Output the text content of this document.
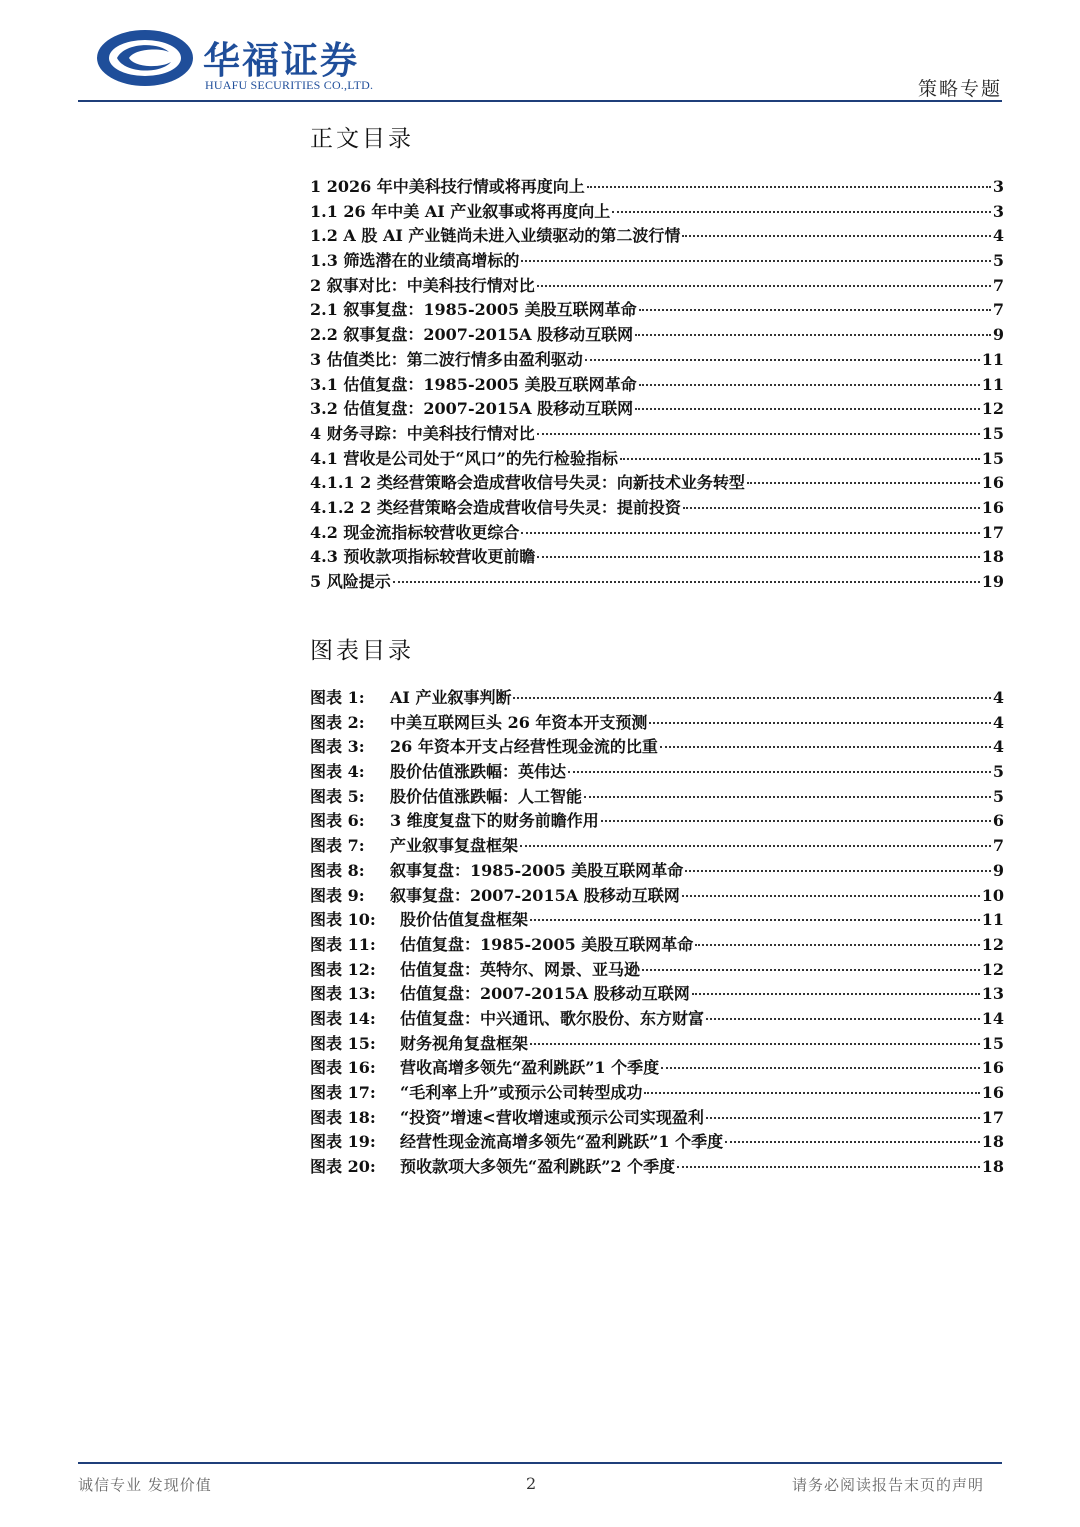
华福证券
HUAFU SECURITIES CO.,LTD.	策略专题
正文目录
1 2026 年中美科技行情或将再度向上	3
1.1 26 年中美 AI 产业叙事或将再度向上	3
1.2 A 股 AI 产业链尚未进入业绩驱动的第二波行情	4
1.3 筛选潜在的业绩高增标的	5
2 叙事对比：中美科技行情对比	7
2.1 叙事复盘：1985-2005 美股互联网革命	7
2.2 叙事复盘：2007-2015A 股移动互联网	9
3 估值类比：第二波行情多由盈利驱动	11
3.1 估值复盘：1985-2005 美股互联网革命	11
3.2 估值复盘：2007-2015A 股移动互联网	12
4 财务寻踪：中美科技行情对比	15
4.1 营收是公司处于“风口”的先行检验指标	15
4.1.1 2 类经营策略会造成营收信号失灵：向新技术业务转型	16
4.1.2 2 类经营策略会造成营收信号失灵：提前投资	16
4.2 现金流指标较营收更综合	17
4.3 预收款项指标较营收更前瞻	18
5 风险提示	19
图表目录
图表 1: AI 产业叙事判断	4
图表 2: 中美互联网巨头 26 年资本开支预测	4
图表 3: 26 年资本开支占经营性现金流的比重	4
图表 4: 股价估值涨跌幅：英伟达	5
图表 5: 股价估值涨跌幅：人工智能	5
图表 6: 3 维度复盘下的财务前瞻作用	6
图表 7: 产业叙事复盘框架	7
图表 8: 叙事复盘：1985-2005 美股互联网革命	9
图表 9: 叙事复盘：2007-2015A 股移动互联网	10
图表 10: 股价估值复盘框架	11
图表 11: 估值复盘：1985-2005 美股互联网革命	12
图表 12: 估值复盘：英特尔、网景、亚马逊	12
图表 13: 估值复盘：2007-2015A 股移动互联网	13
图表 14: 估值复盘：中兴通讯、歌尔股份、东方财富	14
图表 15: 财务视角复盘框架	15
图表 16: 营收高增多领先“盈利跳跃”1 个季度	16
图表 17: “毛利率上升”或预示公司转型成功	16
图表 18: “投资”增速<营收增速或预示公司实现盈利	17
图表 19: 经营性现金流高增多领先“盈利跳跃”1 个季度	18
图表 20: 预收款项大多领先“盈利跳跃”2 个季度	18
诚信专业 发现价值	2	请务必阅读报告末页的声明
